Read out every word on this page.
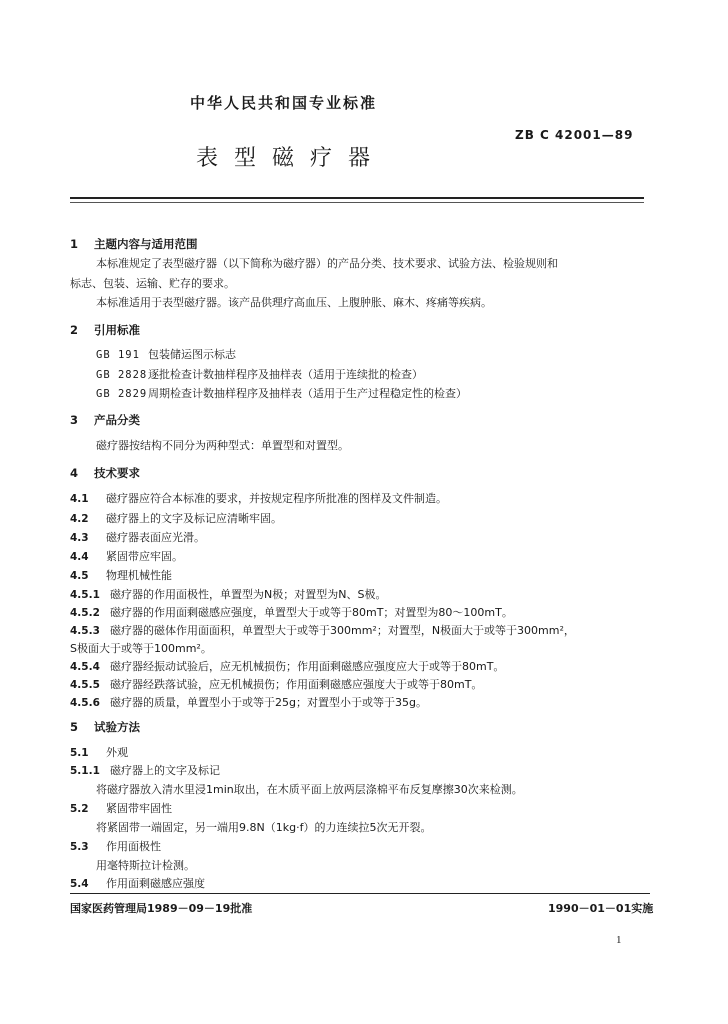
中华人民共和国专业标准
ZB C 42001—89
表型磁疗器
1 主题内容与适用范围
本标准规定了表型磁疗器（以下简称为磁疗器）的产品分类、技术要求、试验方法、检验规则和
标志、包装、运输、贮存的要求。
本标准适用于表型磁疗器。该产品供理疗高血压、上腹肿胀、麻木、疼痛等疾病。
2 引用标准
GB 191 包装储运图示标志
GB 2828逐批检查计数抽样程序及抽样表（适用于连续批的检查）
GB 2829周期检查计数抽样程序及抽样表（适用于生产过程稳定性的检查）
3 产品分类
磁疗器按结构不同分为两种型式：单置型和对置型。
4 技术要求
4.1 磁疗器应符合本标准的要求，并按规定程序所批准的图样及文件制造。
4.2 磁疗器上的文字及标记应清晰牢固。
4.3 磁疗器表面应光滑。
4.4 紧固带应牢固。
4.5 物理机械性能
4.5.1 磁疗器的作用面极性，单置型为N极；对置型为N、S极。
4.5.2 磁疗器的作用面剩磁感应强度，单置型大于或等于80mT；对置型为80～100mT。
4.5.3 磁疗器的磁体作用面面积，单置型大于或等于300mm²；对置型，N极面大于或等于300mm²，
S极面大于或等于100mm²。
4.5.4 磁疗器经振动试验后，应无机械损伤；作用面剩磁感应强度应大于或等于80mT。
4.5.5 磁疗器经跌落试验，应无机械损伤；作用面剩磁感应强度大于或等于80mT。
4.5.6 磁疗器的质量，单置型小于或等于25g；对置型小于或等于35g。
5 试验方法
5.1 外观
5.1.1 磁疗器上的文字及标记
将磁疗器放入清水里浸1min取出，在木质平面上放两层涤棉平布反复摩擦30次来检测。
5.2 紧固带牢固性
将紧固带一端固定，另一端用9.8N（1kg·f）的力连续拉5次无开裂。
5.3 作用面极性
用毫特斯拉计检测。
5.4 作用面剩磁感应强度
国家医药管理局1989－09－19批准	1990－01－01实施
1
